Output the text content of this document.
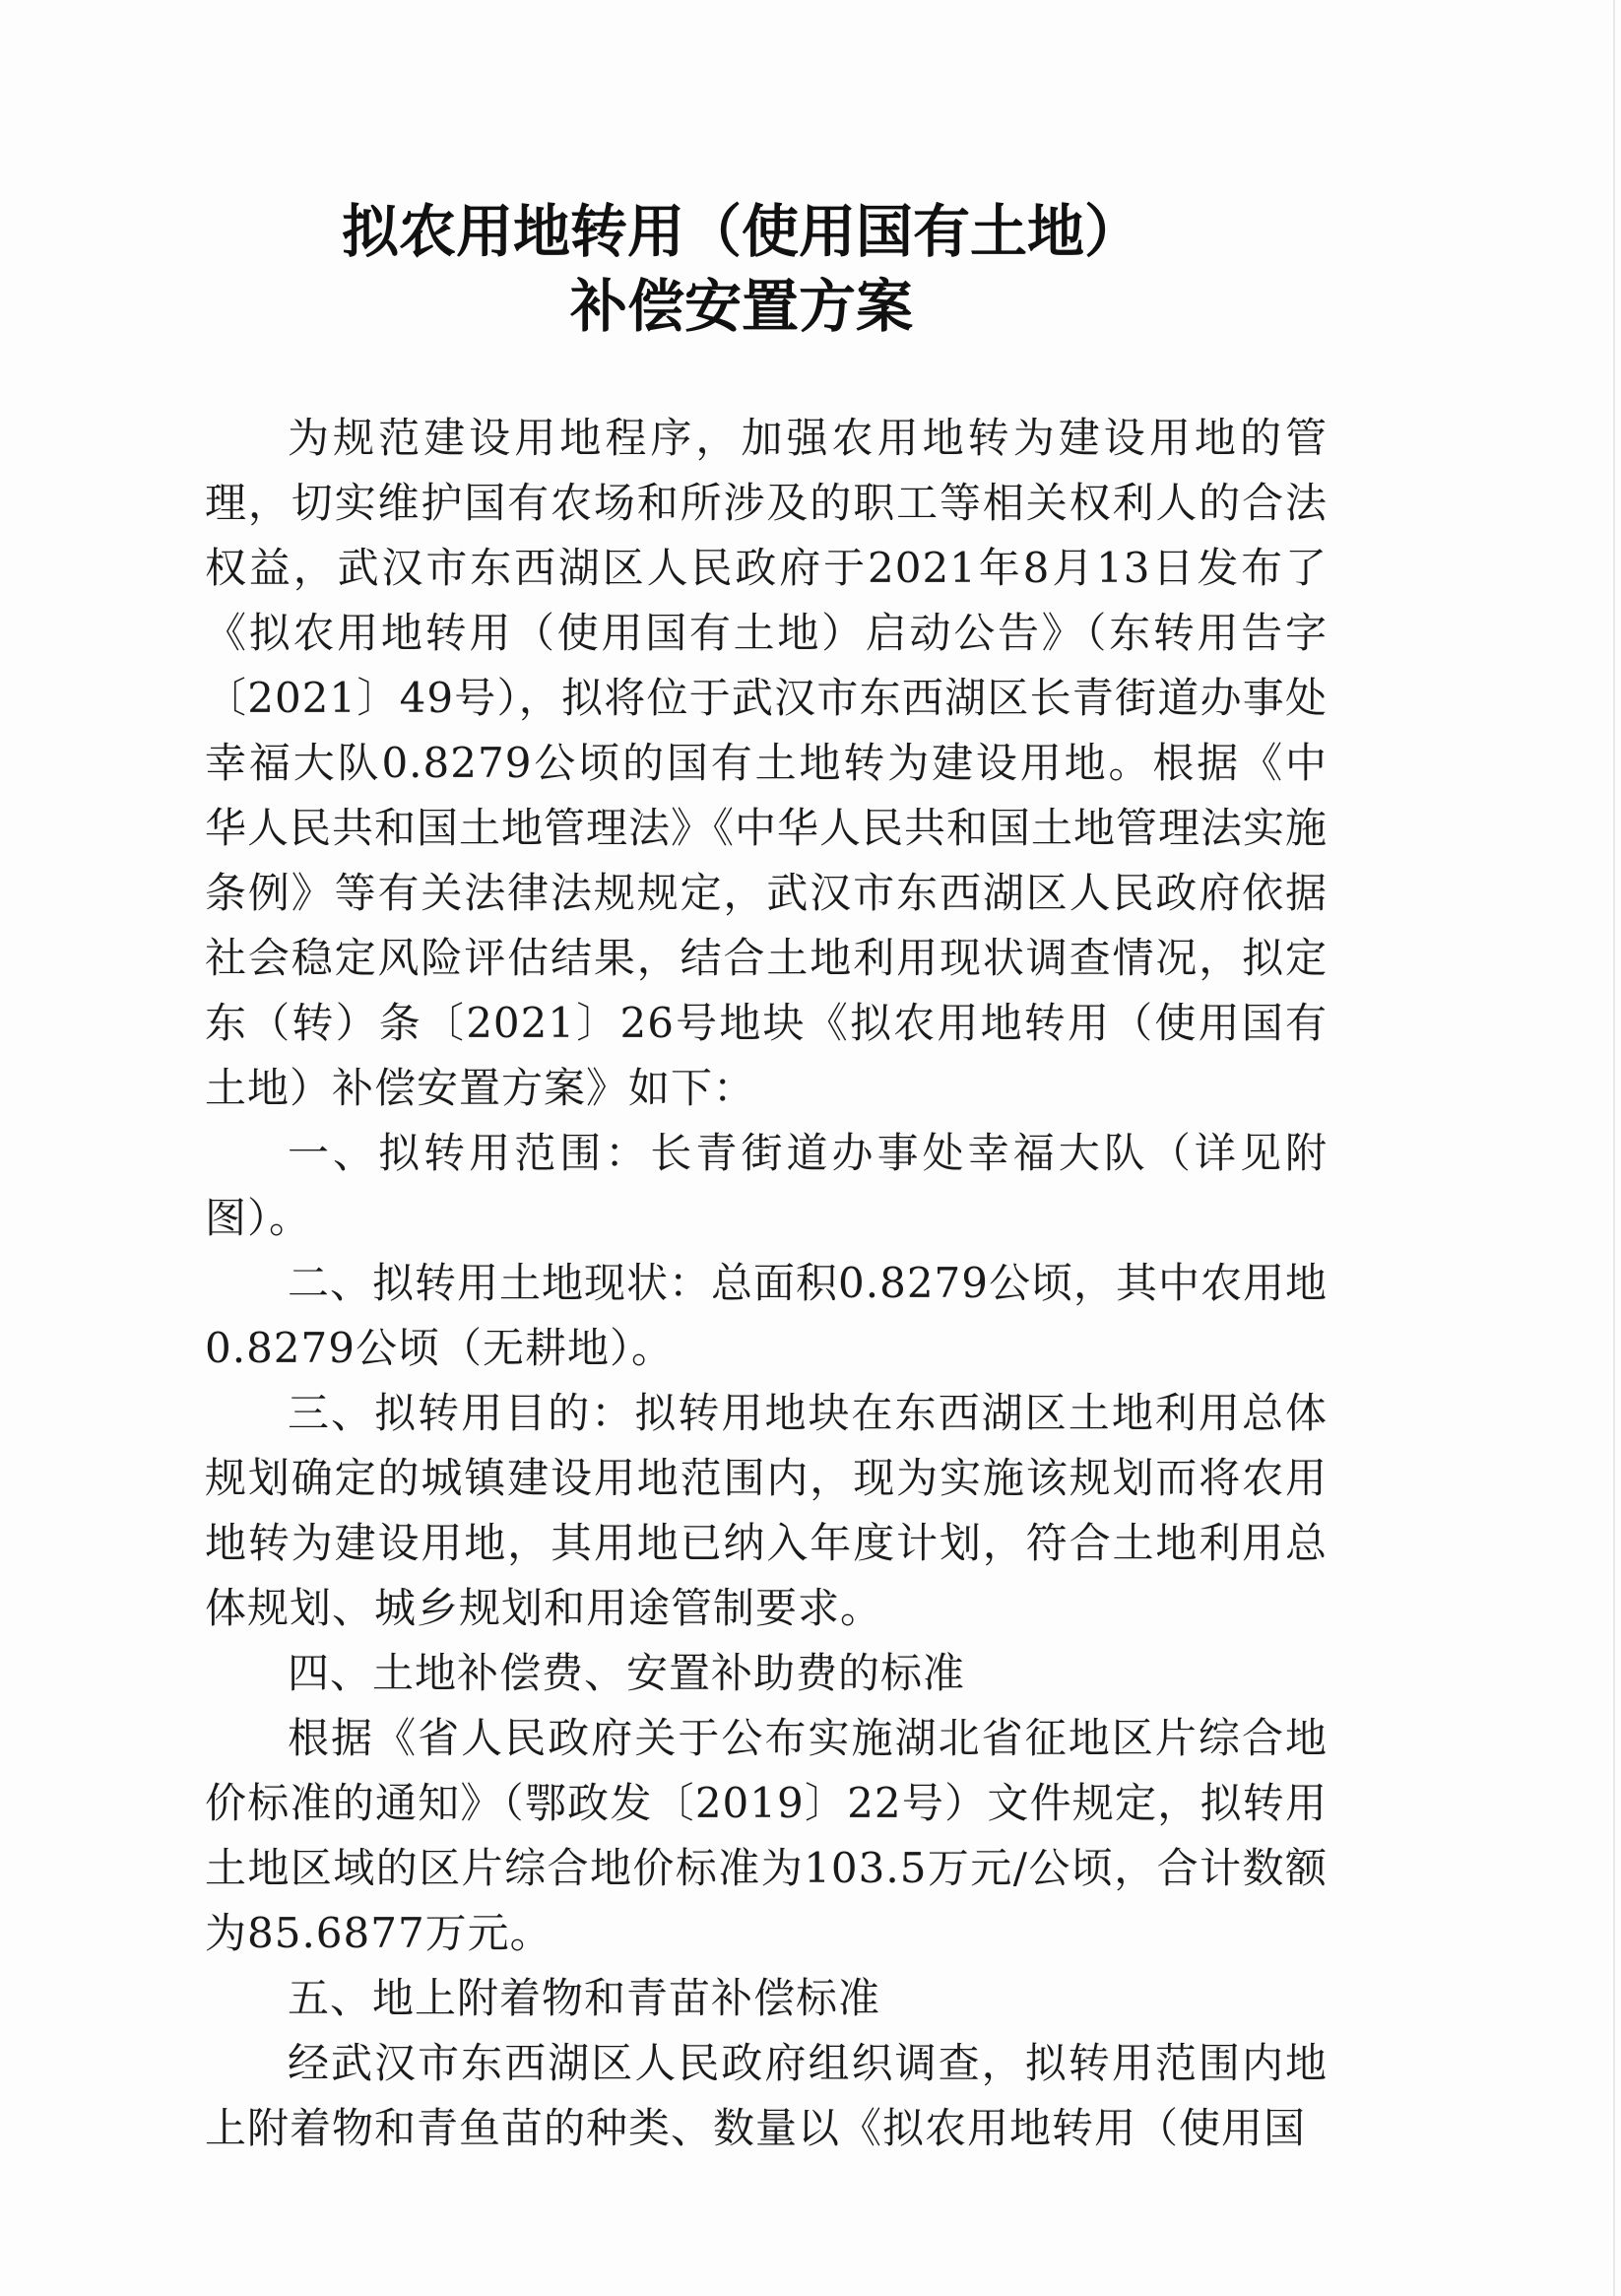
拟农用地转用（使用国有土地）
补偿安置方案

为规范建设用地程序，加强农用地转为建设用地的管理，切实维护国有农场和所涉及的职工等相关权利人的合法权益，武汉市东西湖区人民政府于2021年8月13日发布了《拟农用地转用（使用国有土地）启动公告》（东转用告字〔2021〕49号），拟将位于武汉市东西湖区长青街道办事处幸福大队0.8279公顷的国有土地转为建设用地。根据《中华人民共和国土地管理法》《中华人民共和国土地管理法实施条例》等有关法律法规规定，武汉市东西湖区人民政府依据社会稳定风险评估结果，结合土地利用现状调查情况，拟定东（转）条〔2021〕26号地块《拟农用地转用（使用国有土地）补偿安置方案》如下：

一、拟转用范围：长青街道办事处幸福大队（详见附图）。

二、拟转用土地现状：总面积0.8279公顷，其中农用地0.8279公顷（无耕地）。

三、拟转用目的：拟转用地块在东西湖区土地利用总体规划确定的城镇建设用地范围内，现为实施该规划而将农用地转为建设用地，其用地已纳入年度计划，符合土地利用总体规划、城乡规划和用途管制要求。

四、土地补偿费、安置补助费的标准

根据《省人民政府关于公布实施湖北省征地区片综合地价标准的通知》（鄂政发〔2019〕22号）文件规定，拟转用土地区域的区片综合地价标准为103.5万元/公顷，合计数额为85.6877万元。

五、地上附着物和青苗补偿标准

经武汉市东西湖区人民政府组织调查，拟转用范围内地上附着物和青鱼苗的种类、数量以《拟农用地转用（使用国
